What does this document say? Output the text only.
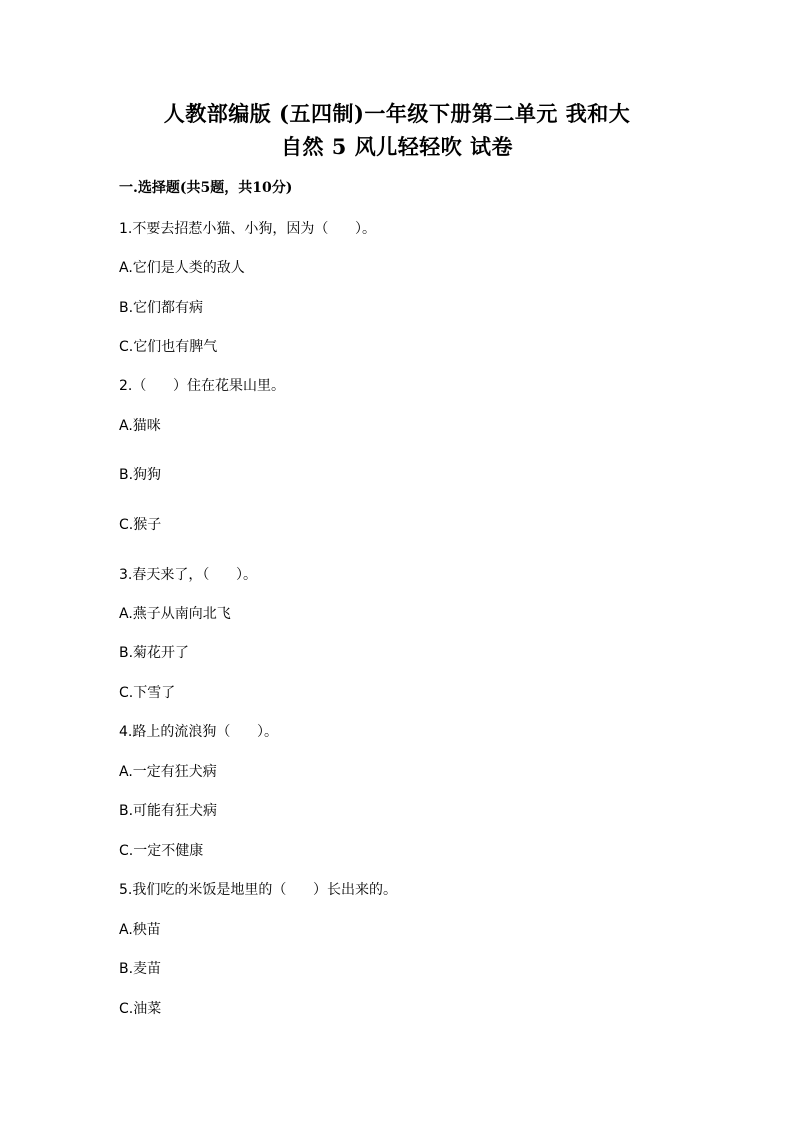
人教部编版 (五四制)一年级下册第二单元 我和大
自然 5 风儿轻轻吹 试卷
一.选择题(共5题，共10分)
1.不要去招惹小猫、小狗，因为（      ）。
A.它们是人类的敌人
B.它们都有病
C.它们也有脾气
2.（      ）住在花果山里。
A.猫咪
B.狗狗
C.猴子
3.春天来了，（      ）。
A.燕子从南向北飞
B.菊花开了
C.下雪了
4.路上的流浪狗（      ）。
A.一定有狂犬病
B.可能有狂犬病
C.一定不健康
5.我们吃的米饭是地里的（      ）长出来的。
A.秧苗
B.麦苗
C.油菜
